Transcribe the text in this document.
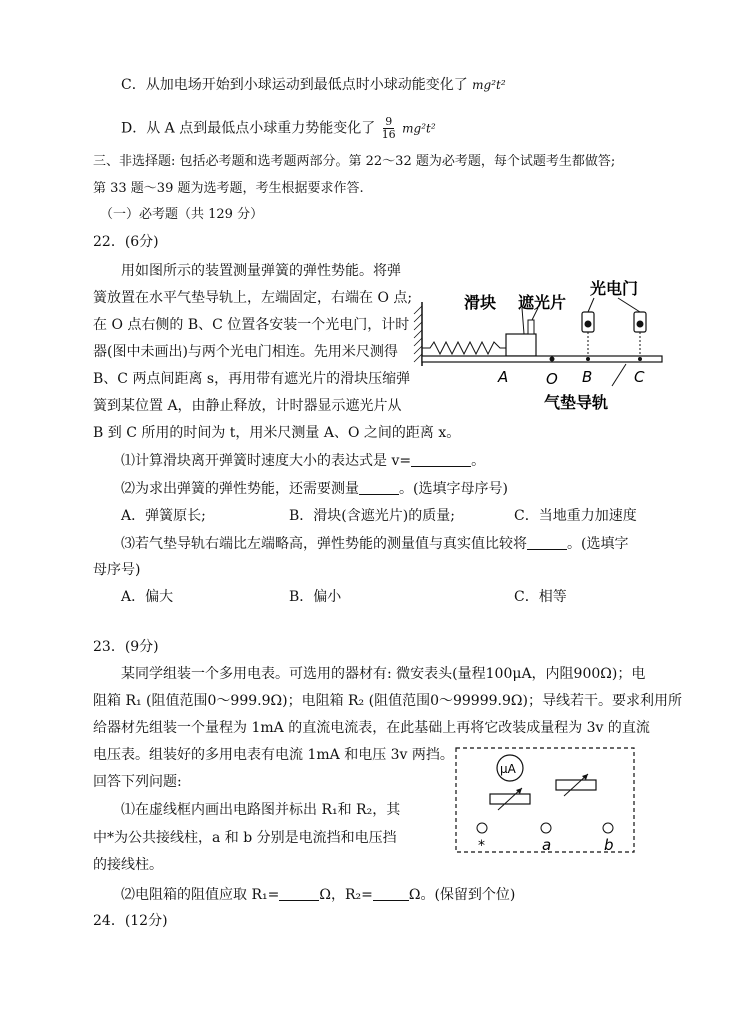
C．从加电场开始到小球运动到最低点时小球动能变化了 mg²t²
D．从 A 点到最低点小球重力势能变化了 $\frac{9}{16} mg^2t^2$
三、非选择题: 包括必考题和选考题两部分。第 22～32 题为必考题，每个试题考生都做答;
第 33 题～39 题为选考题，考生根据要求作答.
（一）必考题（共 129 分）
22．(6分)
用如图所示的装置测量弹簧的弹性势能。将弹
簧放置在水平气垫导轨上，左端固定，右端在 O 点;
在 O 点右侧的 B、C 位置各安装一个光电门，计时
器(图中未画出)与两个光电门相连。先用米尺测得
B、C 两点间距离 s，再用带有遮光片的滑块压缩弹
簧到某位置 A，由静止释放，计时器显示遮光片从
B 到 C 所用的时间为 t，用米尺测量 A、O 之间的距离 x。
滑块 遮光片
光电门
气垫导轨
A	O B	C
⑴计算滑块离开弹簧时速度大小的表达式是 v=	。
⑵为求出弹簧的弹性势能，还需要测量	。(选填字母序号)
A．弹簧原长;	B．滑块(含遮光片)的质量;	C．当地重力加速度
⑶若气垫导轨右端比左端略高，弹性势能的测量值与真实值比较将	。(选填字
母序号)
A．偏大	B．偏小	C．相等
23．(9分)
某同学组装一个多用电表。可选用的器材有: 微安表头(量程100μA，内阻900Ω)；电
阻箱 R₁ (阻值范围0～999.9Ω)；电阻箱 R₂ (阻值范围0～99999.9Ω)；导线若干。要求利用所
给器材先组装一个量程为 1mA 的直流电流表，在此基础上再将它改装成量程为 3v 的直流
电压表。组装好的多用电表有电流 1mA 和电压 3v 两挡。
回答下列问题:
⑴在虚线框内画出电路图并标出 R₁和 R₂，其
中*为公共接线柱，a 和 b 分别是电流挡和电压挡
的接线柱。
μA
*	a	b
⑵电阻箱的阻值应取 R₁=	Ω，R₂=	Ω。(保留到个位)
24．(12分)
